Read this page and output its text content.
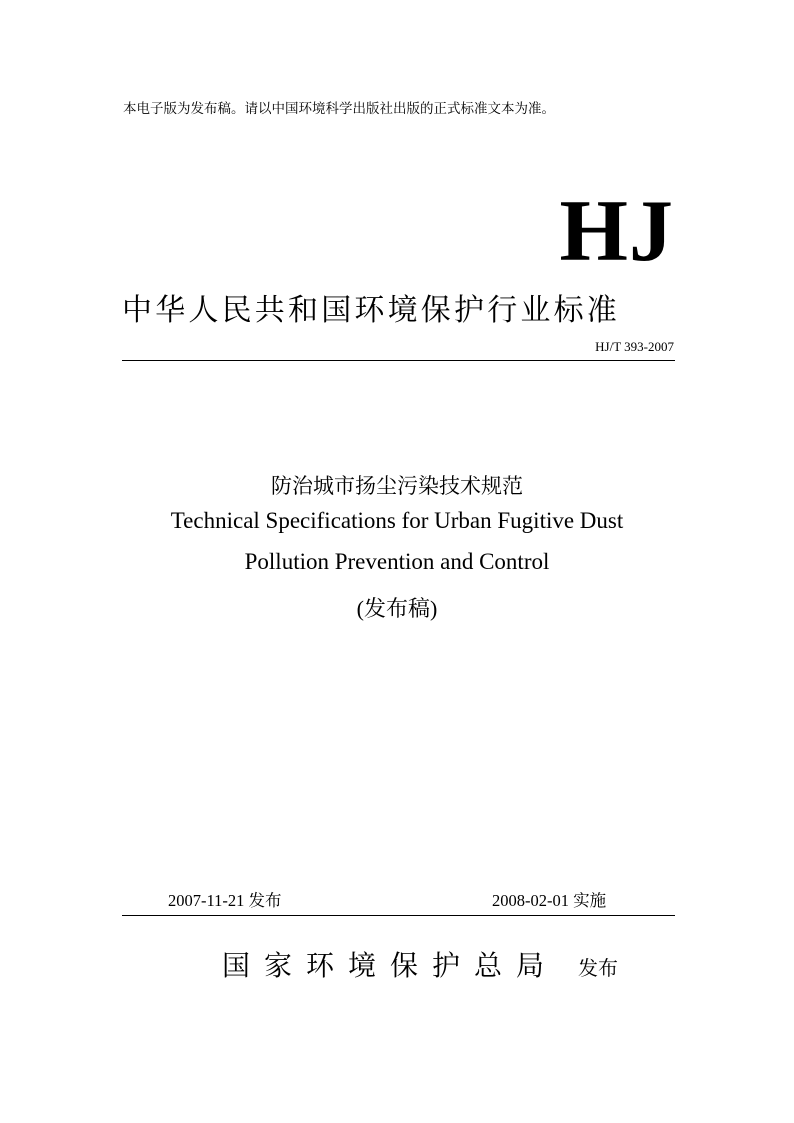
本电子版为发布稿。请以中国环境科学出版社出版的正式标准文本为准。
HJ
中华人民共和国环境保护行业标准
HJ/T 393-2007
防治城市扬尘污染技术规范
Technical Specifications for Urban Fugitive Dust
Pollution Prevention and Control
(发布稿)
2007-11-21 发布	2008-02-01 实施
国家环境保护总局 发布
